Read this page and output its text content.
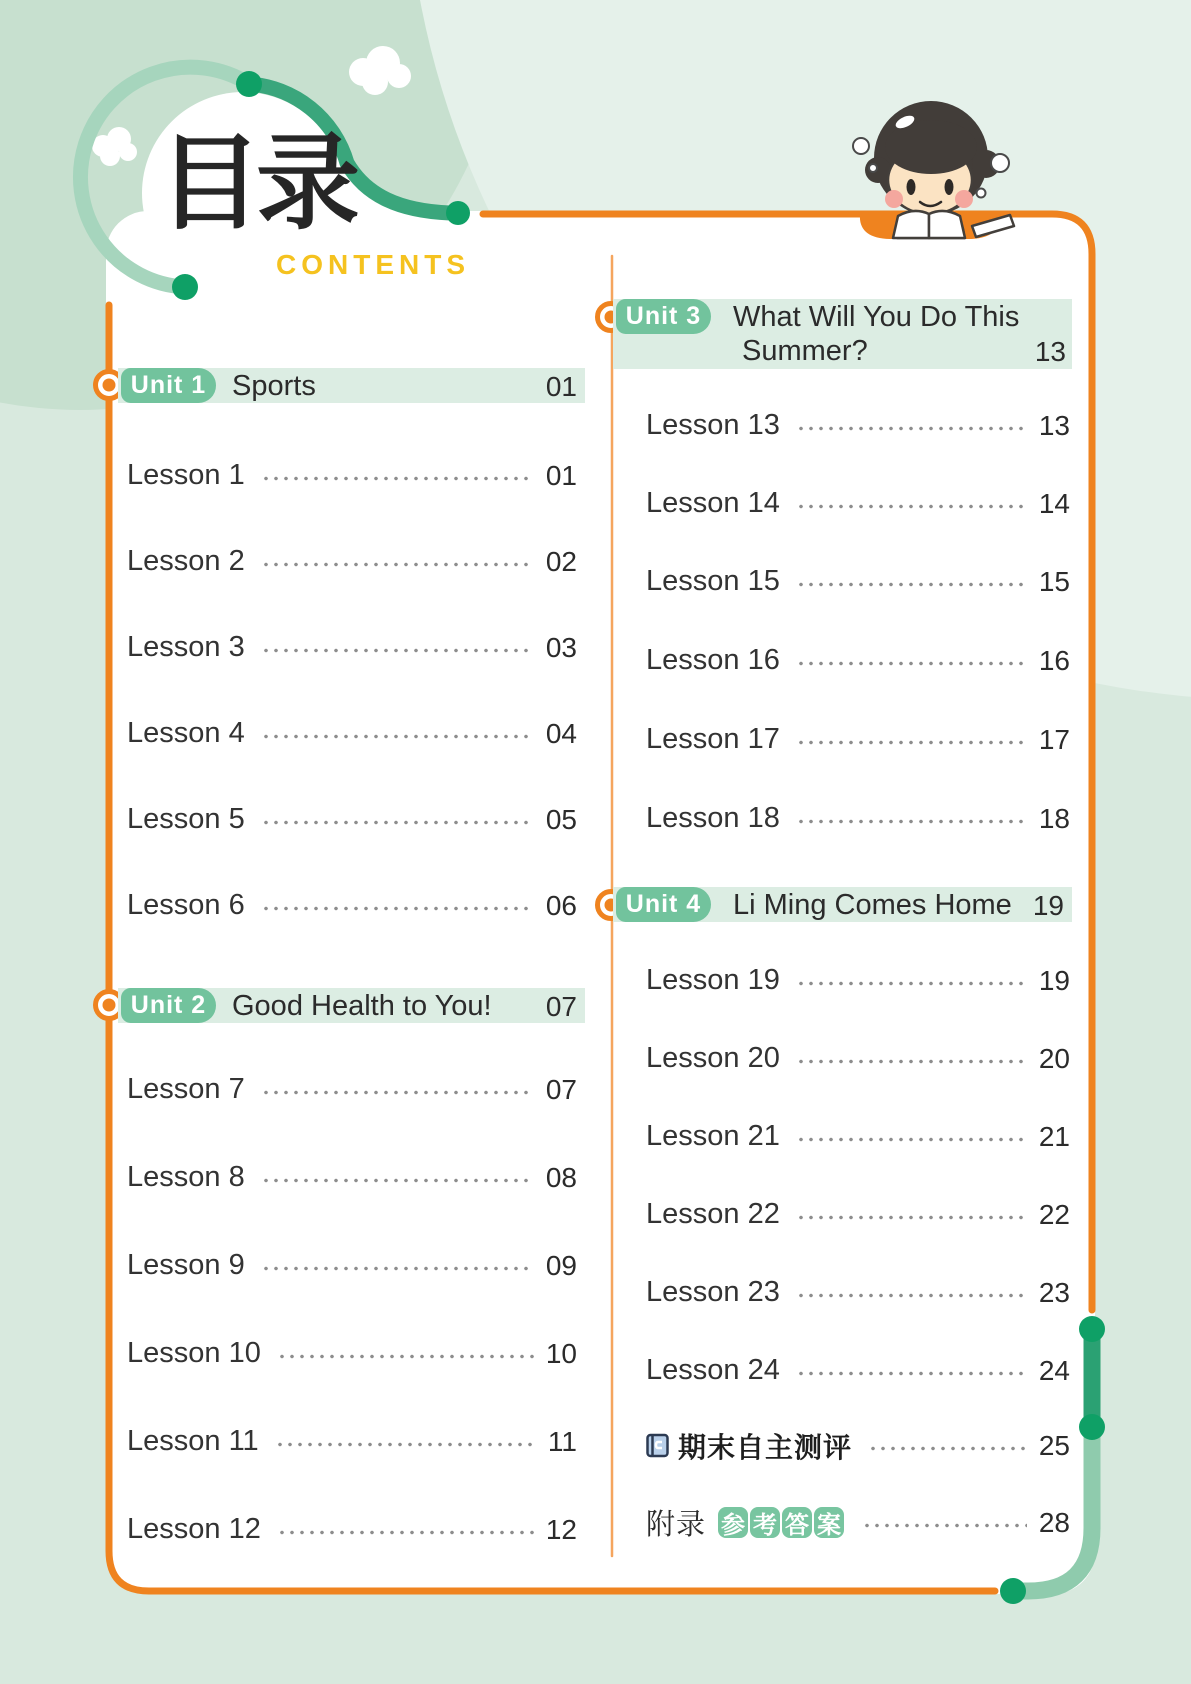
目录
CONTENTS
Unit 1 Sports	01
Lesson 1	01
Lesson 2	02
Lesson 3	03
Lesson 4	04
Lesson 5	05
Lesson 6	06
Unit 2 Good Health to You! 07
Lesson 7	07
Lesson 8	08
Lesson 9	09
Lesson 10	10
Lesson 11	11
Lesson 12	12
Unit 3	What Will You Do This
Summer?	13
Lesson 13	13
Lesson 14	14
Lesson 15	15
Lesson 16	16
Lesson 17	17
Lesson 18	18
Unit 4	Li Ming Comes Home 19
Lesson 19	19
Lesson 20	20
Lesson 21	21
Lesson 22	22
Lesson 23	23
Lesson 24	24
期末自主测评	25
附录 参 考 答 案	28
